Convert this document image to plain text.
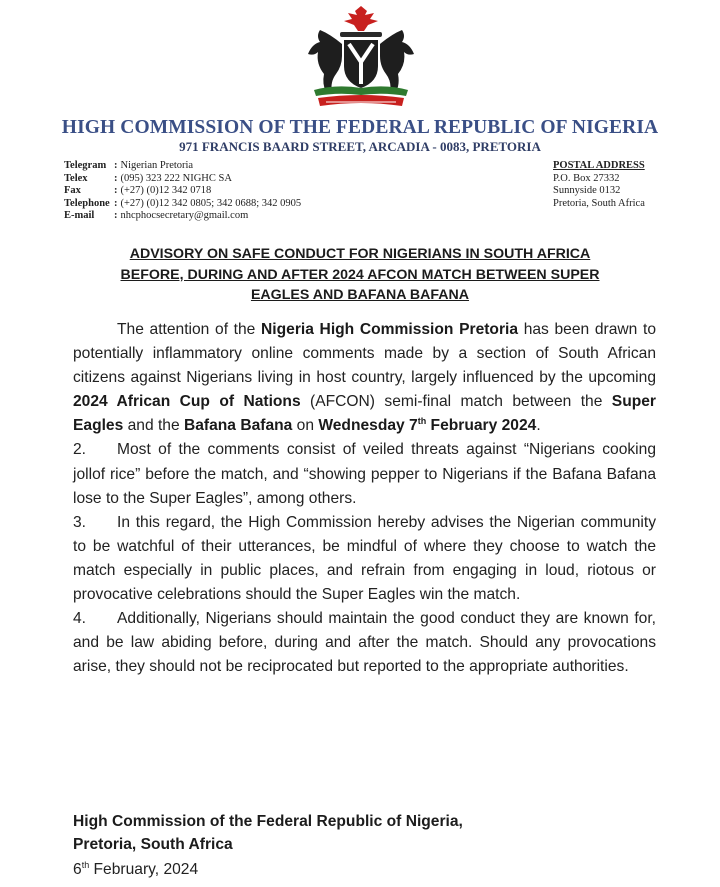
HIGH COMMISSION OF THE FEDERAL REPUBLIC OF NIGERIA
971 FRANCIS BAARD STREET, ARCADIA - 0083, PRETORIA
Telegram : Nigerian Pretoria
Telex	: (095) 323 222 NIGHC SA
Fax	: (+27) (0)12 342 0718
Telephone : (+27) (0)12 342 0805; 342 0688; 342 0905
E-mail : nhcphocsecretary@gmail.com
POSTAL ADDRESS
P.O. Box 27332
Sunnyside 0132
Pretoria, South Africa
ADVISORY ON SAFE CONDUCT FOR NIGERIANS IN SOUTH AFRICA
BEFORE, DURING AND AFTER 2024 AFCON MATCH BETWEEN SUPER
EAGLES AND BAFANA BAFANA

The attention of the Nigeria High Commission Pretoria has been drawn to potentially inflammatory online comments made by a section of South African citizens against Nigerians living in host country, largely influenced by the upcoming 2024 African Cup of Nations (AFCON) semi-final match between the Super Eagles and the Bafana Bafana on Wednesday 7th February 2024.

2. Most of the comments consist of veiled threats against “Nigerians cooking jollof rice” before the match, and “showing pepper to Nigerians if the Bafana Bafana lose to the Super Eagles”, among others.

3. In this regard, the High Commission hereby advises the Nigerian community to be watchful of their utterances, be mindful of where they choose to watch the match especially in public places, and refrain from engaging in loud, riotous or provocative celebrations should the Super Eagles win the match.

4. Additionally, Nigerians should maintain the good conduct they are known for, and be law abiding before, during and after the match. Should any provocations arise, they should not be reciprocated but reported to the appropriate authorities.

High Commission of the Federal Republic of Nigeria,
Pretoria, South Africa
6th February, 2024
